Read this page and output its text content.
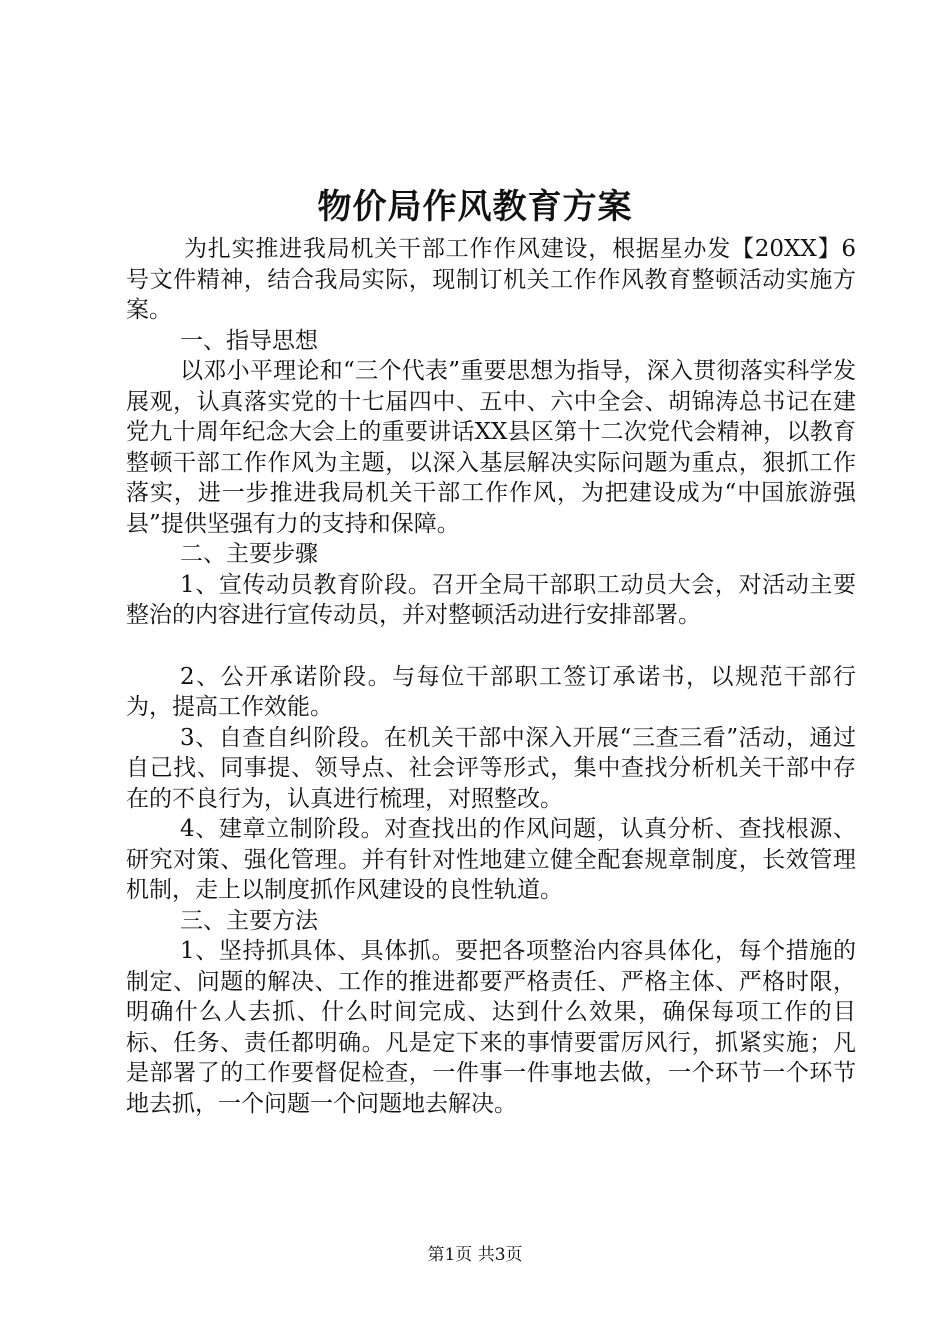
物价局作风教育方案

为扎实推进我局机关干部工作作风建设，根据星办发【20XX】6号文件精神，结合我局实际，现制订机关工作作风教育整顿活动实施方案。

一、指导思想

以邓小平理论和“三个代表”重要思想为指导，深入贯彻落实科学发展观，认真落实党的十七届四中、五中、六中全会、胡锦涛总书记在建党九十周年纪念大会上的重要讲话XX县区第十二次党代会精神，以教育整顿干部工作作风为主题，以深入基层解决实际问题为重点，狠抓工作落实，进一步推进我局机关干部工作作风，为把建设成为“中国旅游强县”提供坚强有力的支持和保障。

二、主要步骤

1、宣传动员教育阶段。召开全局干部职工动员大会，对活动主要整治的内容进行宣传动员，并对整顿活动进行安排部署。

2、公开承诺阶段。与每位干部职工签订承诺书，以规范干部行为，提高工作效能。

3、自查自纠阶段。在机关干部中深入开展“三查三看”活动，通过自己找、同事提、领导点、社会评等形式，集中查找分析机关干部中存在的不良行为，认真进行梳理，对照整改。

4、建章立制阶段。对查找出的作风问题，认真分析、查找根源、研究对策、强化管理。并有针对性地建立健全配套规章制度，长效管理机制，走上以制度抓作风建设的良性轨道。

三、主要方法

1、坚持抓具体、具体抓。要把各项整治内容具体化，每个措施的制定、问题的解决、工作的推进都要严格责任、严格主体、严格时限，明确什么人去抓、什么时间完成、达到什么效果，确保每项工作的目标、任务、责任都明确。凡是定下来的事情要雷厉风行，抓紧实施；凡是部署了的工作要督促检查，一件事一件事地去做，一个环节一个环节地去抓，一个问题一个问题地去解决。

第1页 共3页
